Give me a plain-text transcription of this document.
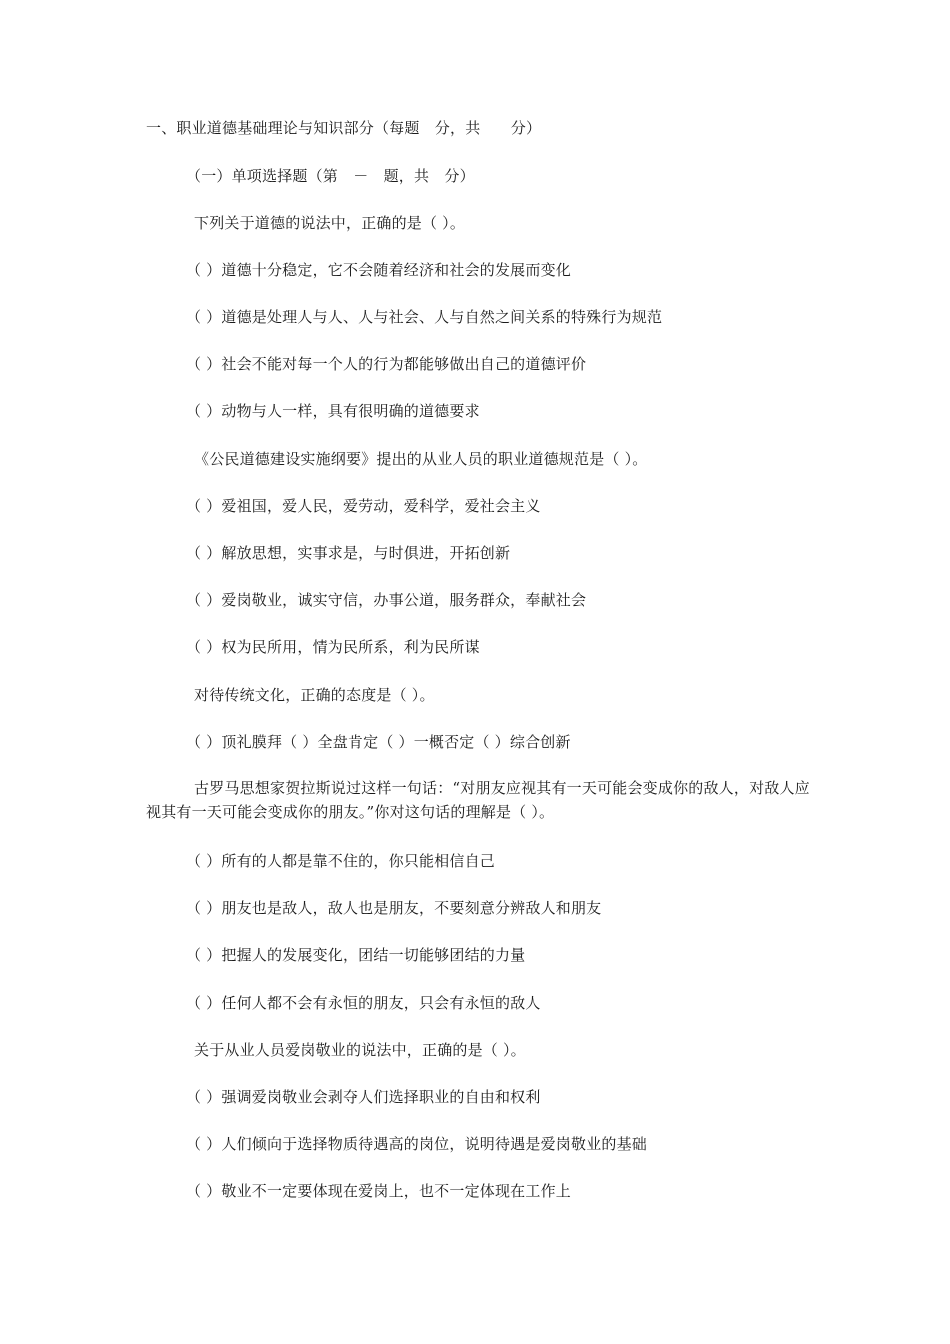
一、职业道德基础理论与知识部分（每题　分，共　　分）
（一）单项选择题（第　－　题，共　分）
下列关于道德的说法中，正确的是（ ）。
（ ）道德十分稳定，它不会随着经济和社会的发展而变化
（ ）道德是处理人与人、人与社会、人与自然之间关系的特殊行为规范
（ ）社会不能对每一个人的行为都能够做出自己的道德评价
（ ）动物与人一样，具有很明确的道德要求
《公民道德建设实施纲要》提出的从业人员的职业道德规范是（ ）。
（ ）爱祖国，爱人民，爱劳动，爱科学，爱社会主义
（ ）解放思想，实事求是，与时俱进，开拓创新
（ ）爱岗敬业，诚实守信，办事公道，服务群众，奉献社会
（ ）权为民所用，情为民所系，利为民所谋
对待传统文化，正确的态度是（ ）。
（ ）顶礼膜拜（ ）全盘肯定（ ）一概否定（ ）综合创新
古罗马思想家贺拉斯说过这样一句话：“对朋友应视其有一天可能会变成你的敌人，对敌人应视其有一天可能会变成你的朋友。”你对这句话的理解是（ ）。
（ ）所有的人都是靠不住的，你只能相信自己
（ ）朋友也是敌人，敌人也是朋友，不要刻意分辨敌人和朋友
（ ）把握人的发展变化，团结一切能够团结的力量
（ ）任何人都不会有永恒的朋友，只会有永恒的敌人
关于从业人员爱岗敬业的说法中，正确的是（ ）。
（ ）强调爱岗敬业会剥夺人们选择职业的自由和权利
（ ）人们倾向于选择物质待遇高的岗位，说明待遇是爱岗敬业的基础
（ ）敬业不一定要体现在爱岗上，也不一定体现在工作上
